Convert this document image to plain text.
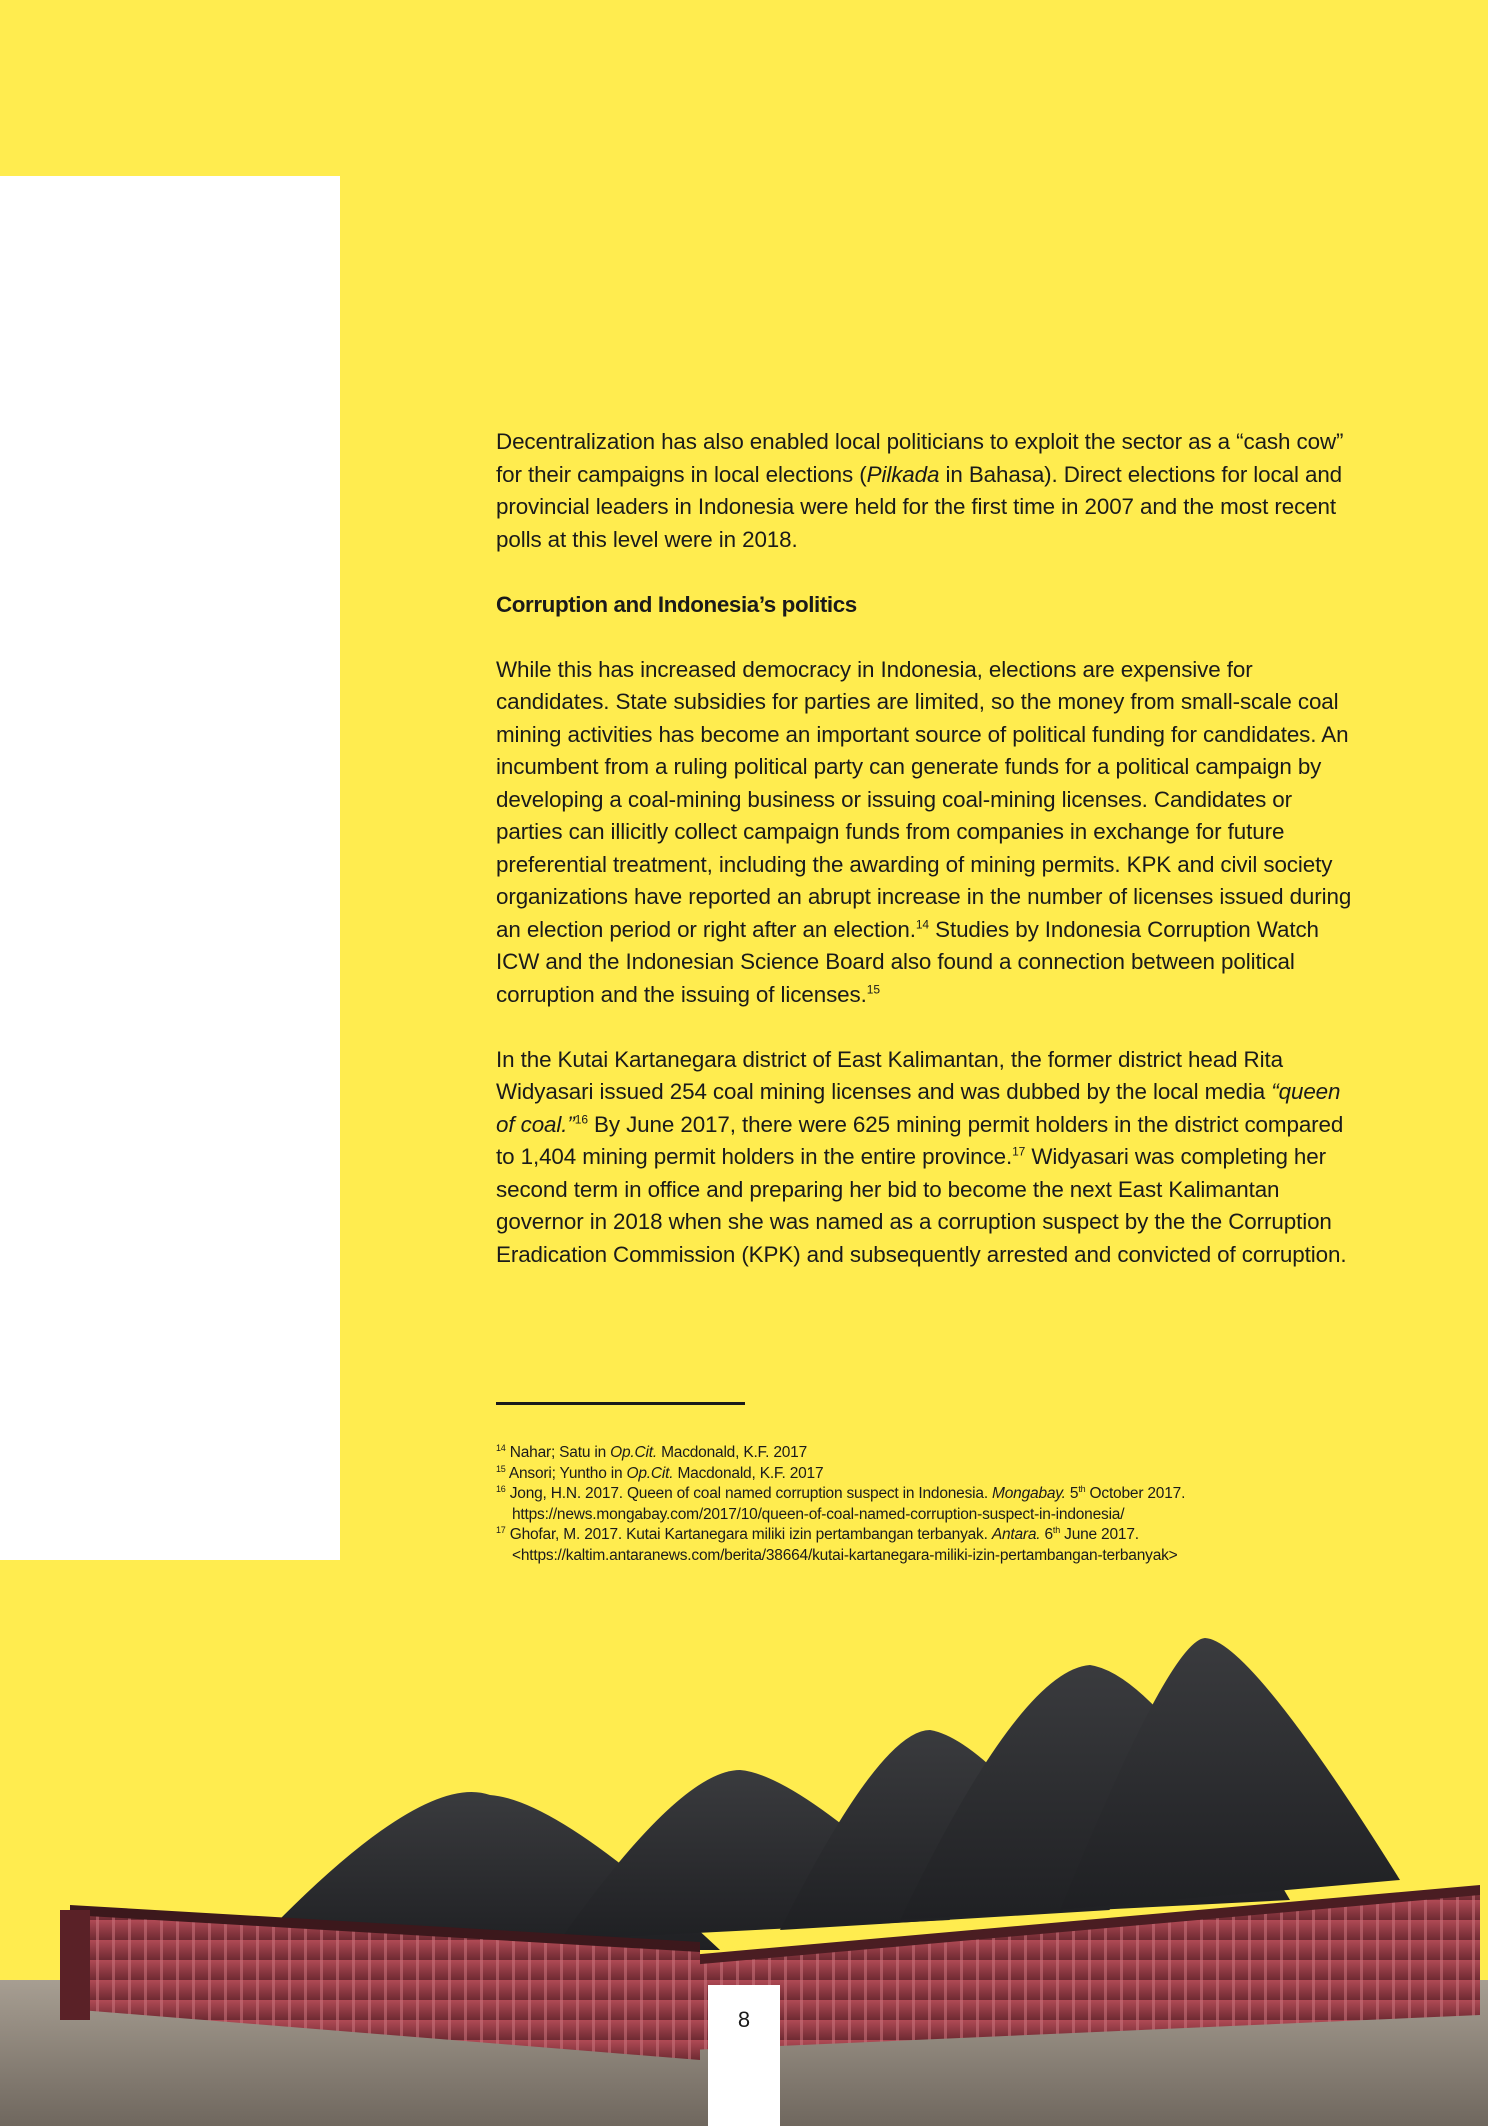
Decentralization has also enabled local politicians to exploit the sector as a “cash cow” for their campaigns in local elections (Pilkada in Bahasa). Direct elections for local and provincial leaders in Indonesia were held for the first time in 2007 and the most recent polls at this level were in 2018.

Corruption and Indonesia’s politics

While this has increased democracy in Indonesia, elections are expensive for candidates. State subsidies for parties are limited, so the money from small-scale coal mining activities has become an important source of political funding for candidates. An incumbent from a ruling political party can generate funds for a political campaign by developing a coal-mining business or issuing coal-mining licenses. Candidates or parties can illicitly collect campaign funds from companies in exchange for future preferential treatment, including the awarding of mining permits. KPK and civil society organizations have reported an abrupt increase in the number of licenses issued during an election period or right after an election.$^{14}$ Studies by Indonesia Corruption Watch ICW and the Indonesian Science Board also found a connection between political corruption and the issuing of licenses.$^{15}$

In the Kutai Kartanegara district of East Kalimantan, the former district head Rita Widyasari issued 254 coal mining licenses and was dubbed by the local media “queen of coal.”$^{16}$ By June 2017, there were 625 mining permit holders in the district compared to 1,404 mining permit holders in the entire province.$^{17}$ Widyasari was completing her second term in office and preparing her bid to become the next East Kalimantan governor in 2018 when she was named as a corruption suspect by the the Corruption Eradication Commission (KPK) and subsequently arrested and convicted of corruption.

$^{14}$ Nahar; Satu in Op.Cit. Macdonald, K.F. 2017

$^{15}$ Ansori; Yuntho in Op.Cit. Macdonald, K.F. 2017

$^{16}$ Jong, H.N. 2017. Queen of coal named corruption suspect in Indonesia. Mongabay. 5th October 2017.
https://news.mongabay.com/2017/10/queen-of-coal-named-corruption-suspect-in-indonesia/

$^{17}$ Ghofar, M. 2017. Kutai Kartanegara miliki izin pertambangan terbanyak. Antara. 6th June 2017.
<https://kaltim.antaranews.com/berita/38664/kutai-kartanegara-miliki-izin-pertambangan-terbanyak>

8
